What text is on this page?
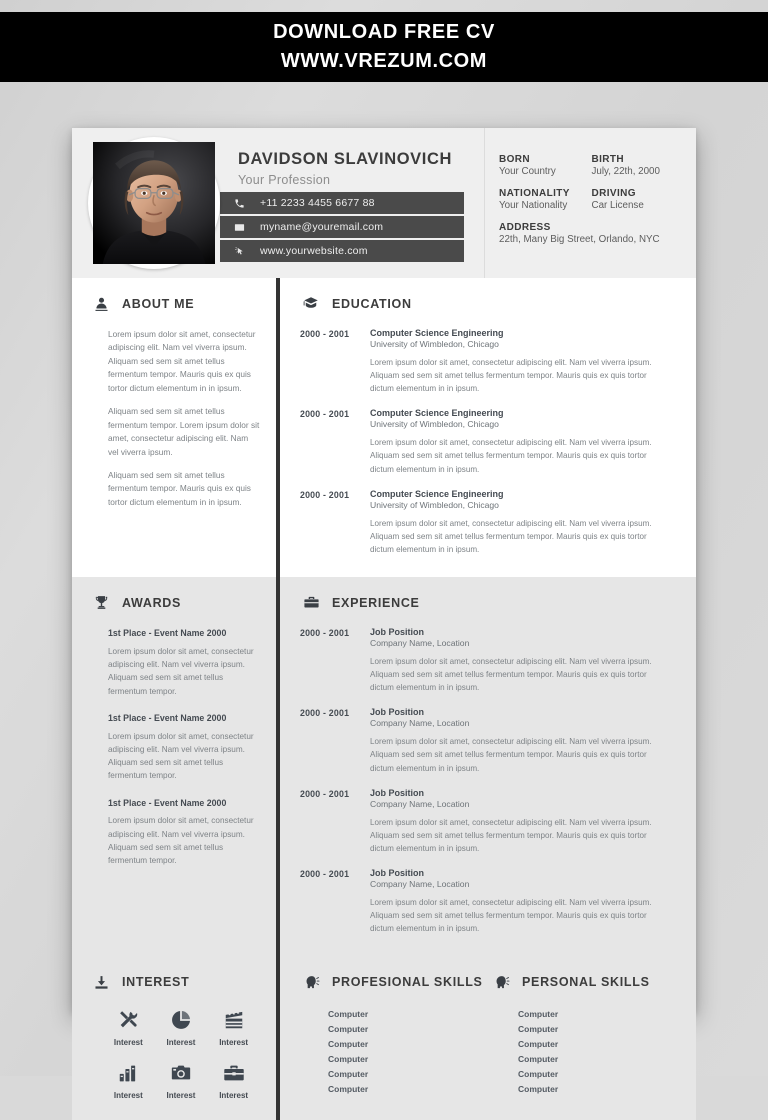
DOWNLOAD FREE CV
WWW.VREZUM.COM
DAVIDSON SLAVINOVICH
Your Profession
+11 2233 4455 6677 88
myname@youremail.com
www.yourwebsite.com
BORN
Your Country
BIRTH
July, 22th, 2000
NATIONALITY
Your Nationality
DRIVING
Car License
ADDRESS
22th, Many Big Street, Orlando, NYC
ABOUT ME

Lorem ipsum dolor sit amet, consectetur adipiscing elit. Nam vel viverra ipsum. Aliquam sed sem sit amet tellus fermentum tempor. Mauris quis ex quis tortor dictum elementum in in ipsum.

Aliquam sed sem sit amet tellus fermentum tempor. Lorem ipsum dolor sit amet, consectetur adipiscing elit. Nam vel viverra ipsum.

Aliquam sed sem sit amet tellus fermentum tempor. Mauris quis ex quis tortor dictum elementum in in ipsum.

EDUCATION
2000 - 2001	Computer Science Engineering
University of Wimbledon, Chicago
Lorem ipsum dolor sit amet, consectetur adipiscing elit. Nam vel viverra ipsum. Aliquam sed sem sit amet tellus fermentum tempor. Mauris quis ex quis tortor dictum elementum in in ipsum.
2000 - 2001	Computer Science Engineering
University of Wimbledon, Chicago
Lorem ipsum dolor sit amet, consectetur adipiscing elit. Nam vel viverra ipsum. Aliquam sed sem sit amet tellus fermentum tempor. Mauris quis ex quis tortor dictum elementum in in ipsum.
2000 - 2001	Computer Science Engineering
University of Wimbledon, Chicago
Lorem ipsum dolor sit amet, consectetur adipiscing elit. Nam vel viverra ipsum. Aliquam sed sem sit amet tellus fermentum tempor. Mauris quis ex quis tortor dictum elementum in in ipsum.
AWARDS
1st Place - Event Name 2000
Lorem ipsum dolor sit amet, consectetur adipiscing elit. Nam vel viverra ipsum. Aliquam sed sem sit amet tellus fermentum tempor.
1st Place - Event Name 2000
Lorem ipsum dolor sit amet, consectetur adipiscing elit. Nam vel viverra ipsum. Aliquam sed sem sit amet tellus fermentum tempor.
1st Place - Event Name 2000
Lorem ipsum dolor sit amet, consectetur adipiscing elit. Nam vel viverra ipsum. Aliquam sed sem sit amet tellus fermentum tempor.
EXPERIENCE
2000 - 2001	Job Position
Company Name, Location
Lorem ipsum dolor sit amet, consectetur adipiscing elit. Nam vel viverra ipsum. Aliquam sed sem sit amet tellus fermentum tempor. Mauris quis ex quis tortor dictum elementum in in ipsum.
2000 - 2001	Job Position
Company Name, Location
Lorem ipsum dolor sit amet, consectetur adipiscing elit. Nam vel viverra ipsum. Aliquam sed sem sit amet tellus fermentum tempor. Mauris quis ex quis tortor dictum elementum in in ipsum.
2000 - 2001	Job Position
Company Name, Location
Lorem ipsum dolor sit amet, consectetur adipiscing elit. Nam vel viverra ipsum. Aliquam sed sem sit amet tellus fermentum tempor. Mauris quis ex quis tortor dictum elementum in in ipsum.
2000 - 2001	Job Position
Company Name, Location
Lorem ipsum dolor sit amet, consectetur adipiscing elit. Nam vel viverra ipsum. Aliquam sed sem sit amet tellus fermentum tempor. Mauris quis ex quis tortor dictum elementum in in ipsum.
INTEREST
Interest	Interest	Interest
Interest	Interest	Interest
PROFESIONAL SKILLS
Computer
Computer
Computer
Computer
Computer
Computer
PERSONAL SKILLS
Computer
Computer
Computer
Computer
Computer
Computer
